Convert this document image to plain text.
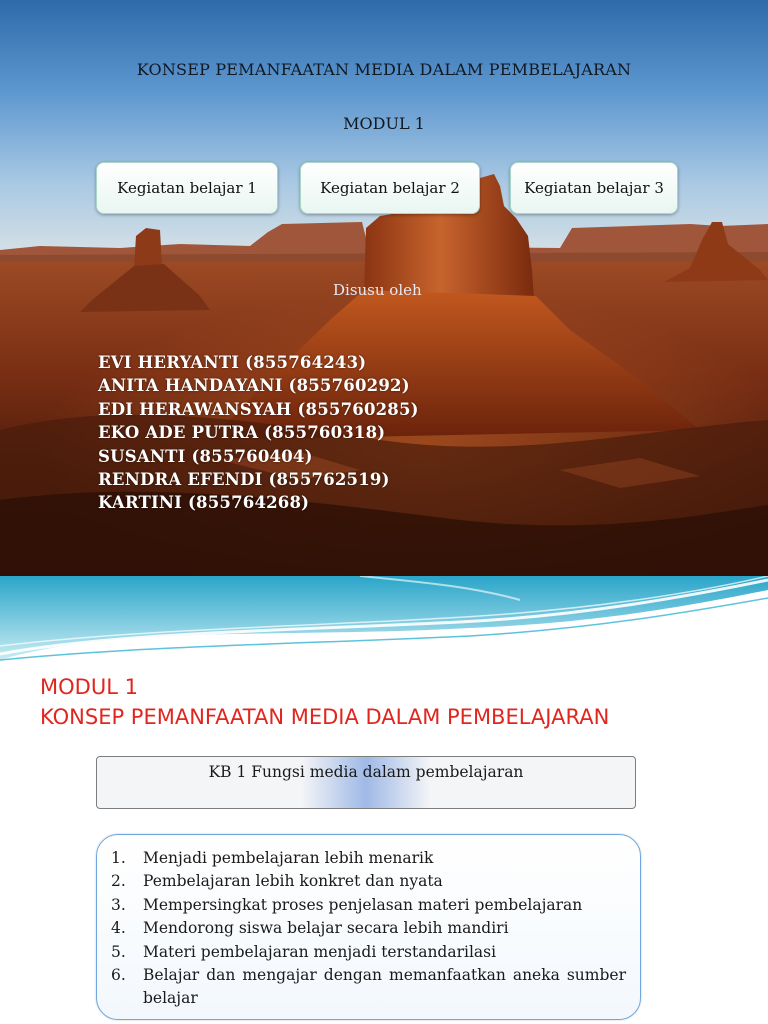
KONSEP PEMANFAATAN MEDIA DALAM PEMBELAJARAN
MODUL 1
Kegiatan belajar 1	Kegiatan belajar 2	Kegiatan belajar 3
Disusu oleh
EVI HERYANTI (855764243)
ANITA HANDAYANI (855760292)
EDI HERAWANSYAH (855760285)
EKO ADE PUTRA (855760318)
SUSANTI (855760404)
RENDRA EFENDI (855762519)
KARTINI (855764268)
MODUL 1
KONSEP PEMANFAATAN MEDIA DALAM PEMBELAJARAN
KB 1 Fungsi media dalam pembelajaran
1. Menjadi pembelajaran lebih menarik
2. Pembelajaran lebih konkret dan nyata
3. Mempersingkat proses penjelasan materi pembelajaran
4. Mendorong siswa belajar secara lebih mandiri
5. Materi pembelajaran menjadi terstandarilasi
6. Belajar dan mengajar dengan memanfaatkan aneka sumber belajar
